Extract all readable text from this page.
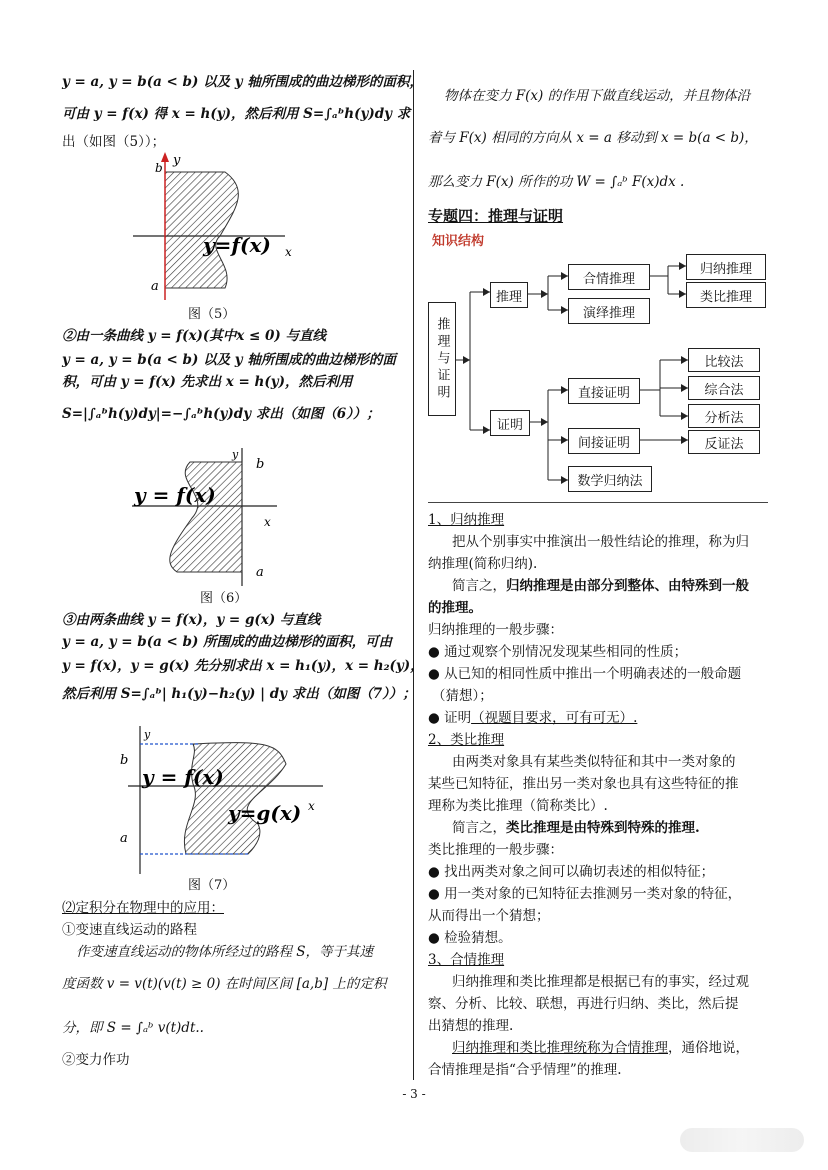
y = a, y = b(a < b) 以及 y 轴所围成的曲边梯形的面积，
可由 y = f(x) 得 x = h(y)，然后利用 S=∫ₐᵇh(y)dy 求
出（如图（5））；
y
b
y=f(x) x
a
图（5）
②由一条曲线 y = f(x)(其中x ≤ 0) 与直线
y = a, y = b(a < b) 以及 y 轴所围成的曲边梯形的面
积，可由 y = f(x) 先求出 x = h(y)，然后利用
S=|∫ₐᵇh(y)dy|=−∫ₐᵇh(y)dy 求出（如图（6））；
y
b
y = f(x)
x
a
图（6）
③由两条曲线 y = f(x)，y = g(x) 与直线
y = a, y = b(a < b) 所围成的曲边梯形的面积，可由
y = f(x)，y = g(x) 先分别求出 x = h₁(y)，x = h₂(y)，
然后利用 S=∫ₐᵇ| h₁(y)−h₂(y) | dy 求出（如图（7））；
y
b
y = f(x)
y=g(x) x
a
图（7）
⑵定积分在物理中的应用：
①变速直线运动的路程
作变速直线运动的物体所经过的路程 S，等于其速
度函数 v = v(t)(v(t) ≥ 0) 在时间区间 [a,b] 上的定积
分，即 S = ∫ₐᵇ v(t)dt..
②变力作功
物体在变力 F(x) 的作用下做直线运动，并且物体沿
着与 F(x) 相同的方向从 x = a 移动到 x = b(a < b)，
那么变力 F(x) 所作的功 W = ∫ₐᵇ F(x)dx .
专题四：推理与证明
知识结构
推理与证明
推理
合情推理
演绎推理
归纳推理
类比推理
证明
直接证明
间接证明
数学归纳法
比较法
综合法
分析法
反证法
1、归纳推理
把从个别事实中推演出一般性结论的推理，称为归
纳推理(简称归纳).
简言之，归纳推理是由部分到整体、由特殊到一般
的推理。
归纳推理的一般步骤：
● 通过观察个别情况发现某些相同的性质；
● 从已知的相同性质中推出一个明确表述的一般命题
（猜想）；
● 证明（视题目要求，可有可无）.
2、类比推理
由两类对象具有某些类似特征和其中一类对象的
某些已知特征，推出另一类对象也具有这些特征的推
理称为类比推理（简称类比）.
简言之，类比推理是由特殊到特殊的推理.
类比推理的一般步骤：
● 找出两类对象之间可以确切表述的相似特征；
● 用一类对象的已知特征去推测另一类对象的特征，
从而得出一个猜想；
● 检验猜想。
3、合情推理
归纳推理和类比推理都是根据已有的事实，经过观
察、分析、比较、联想，再进行归纳、类比，然后提
出猜想的推理.
归纳推理和类比推理统称为合情推理，通俗地说，
合情推理是指“合乎情理”的推理.
- 3 -
